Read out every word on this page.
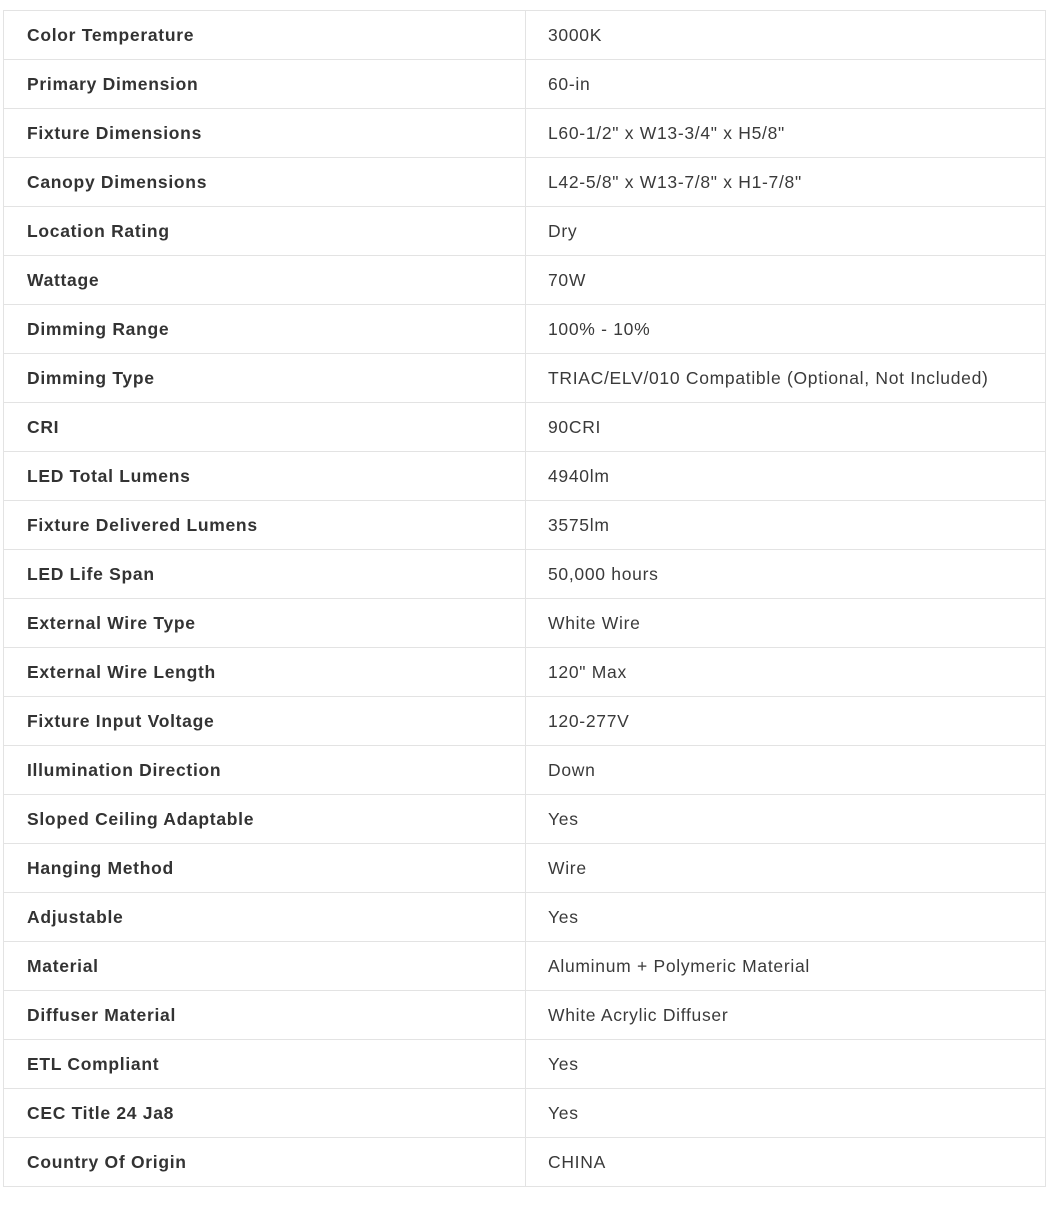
Color Temperature	3000K
Primary Dimension	60-in
Fixture Dimensions	L60-1/2" x W13-3/4" x H5/8"
Canopy Dimensions	L42-5/8" x W13-7/8" x H1-7/8"
Location Rating	Dry
Wattage	70W
Dimming Range	100% - 10%
Dimming Type	TRIAC/ELV/010 Compatible (Optional, Not Included)
CRI	90CRI
LED Total Lumens	4940lm
Fixture Delivered Lumens	3575lm
LED Life Span	50,000 hours
External Wire Type	White Wire
External Wire Length	120" Max
Fixture Input Voltage	120-277V
Illumination Direction	Down
Sloped Ceiling Adaptable	Yes
Hanging Method	Wire
Adjustable	Yes
Material	Aluminum + Polymeric Material
Diffuser Material	White Acrylic Diffuser
ETL Compliant	Yes
CEC Title 24 Ja8	Yes
Country Of Origin	CHINA
